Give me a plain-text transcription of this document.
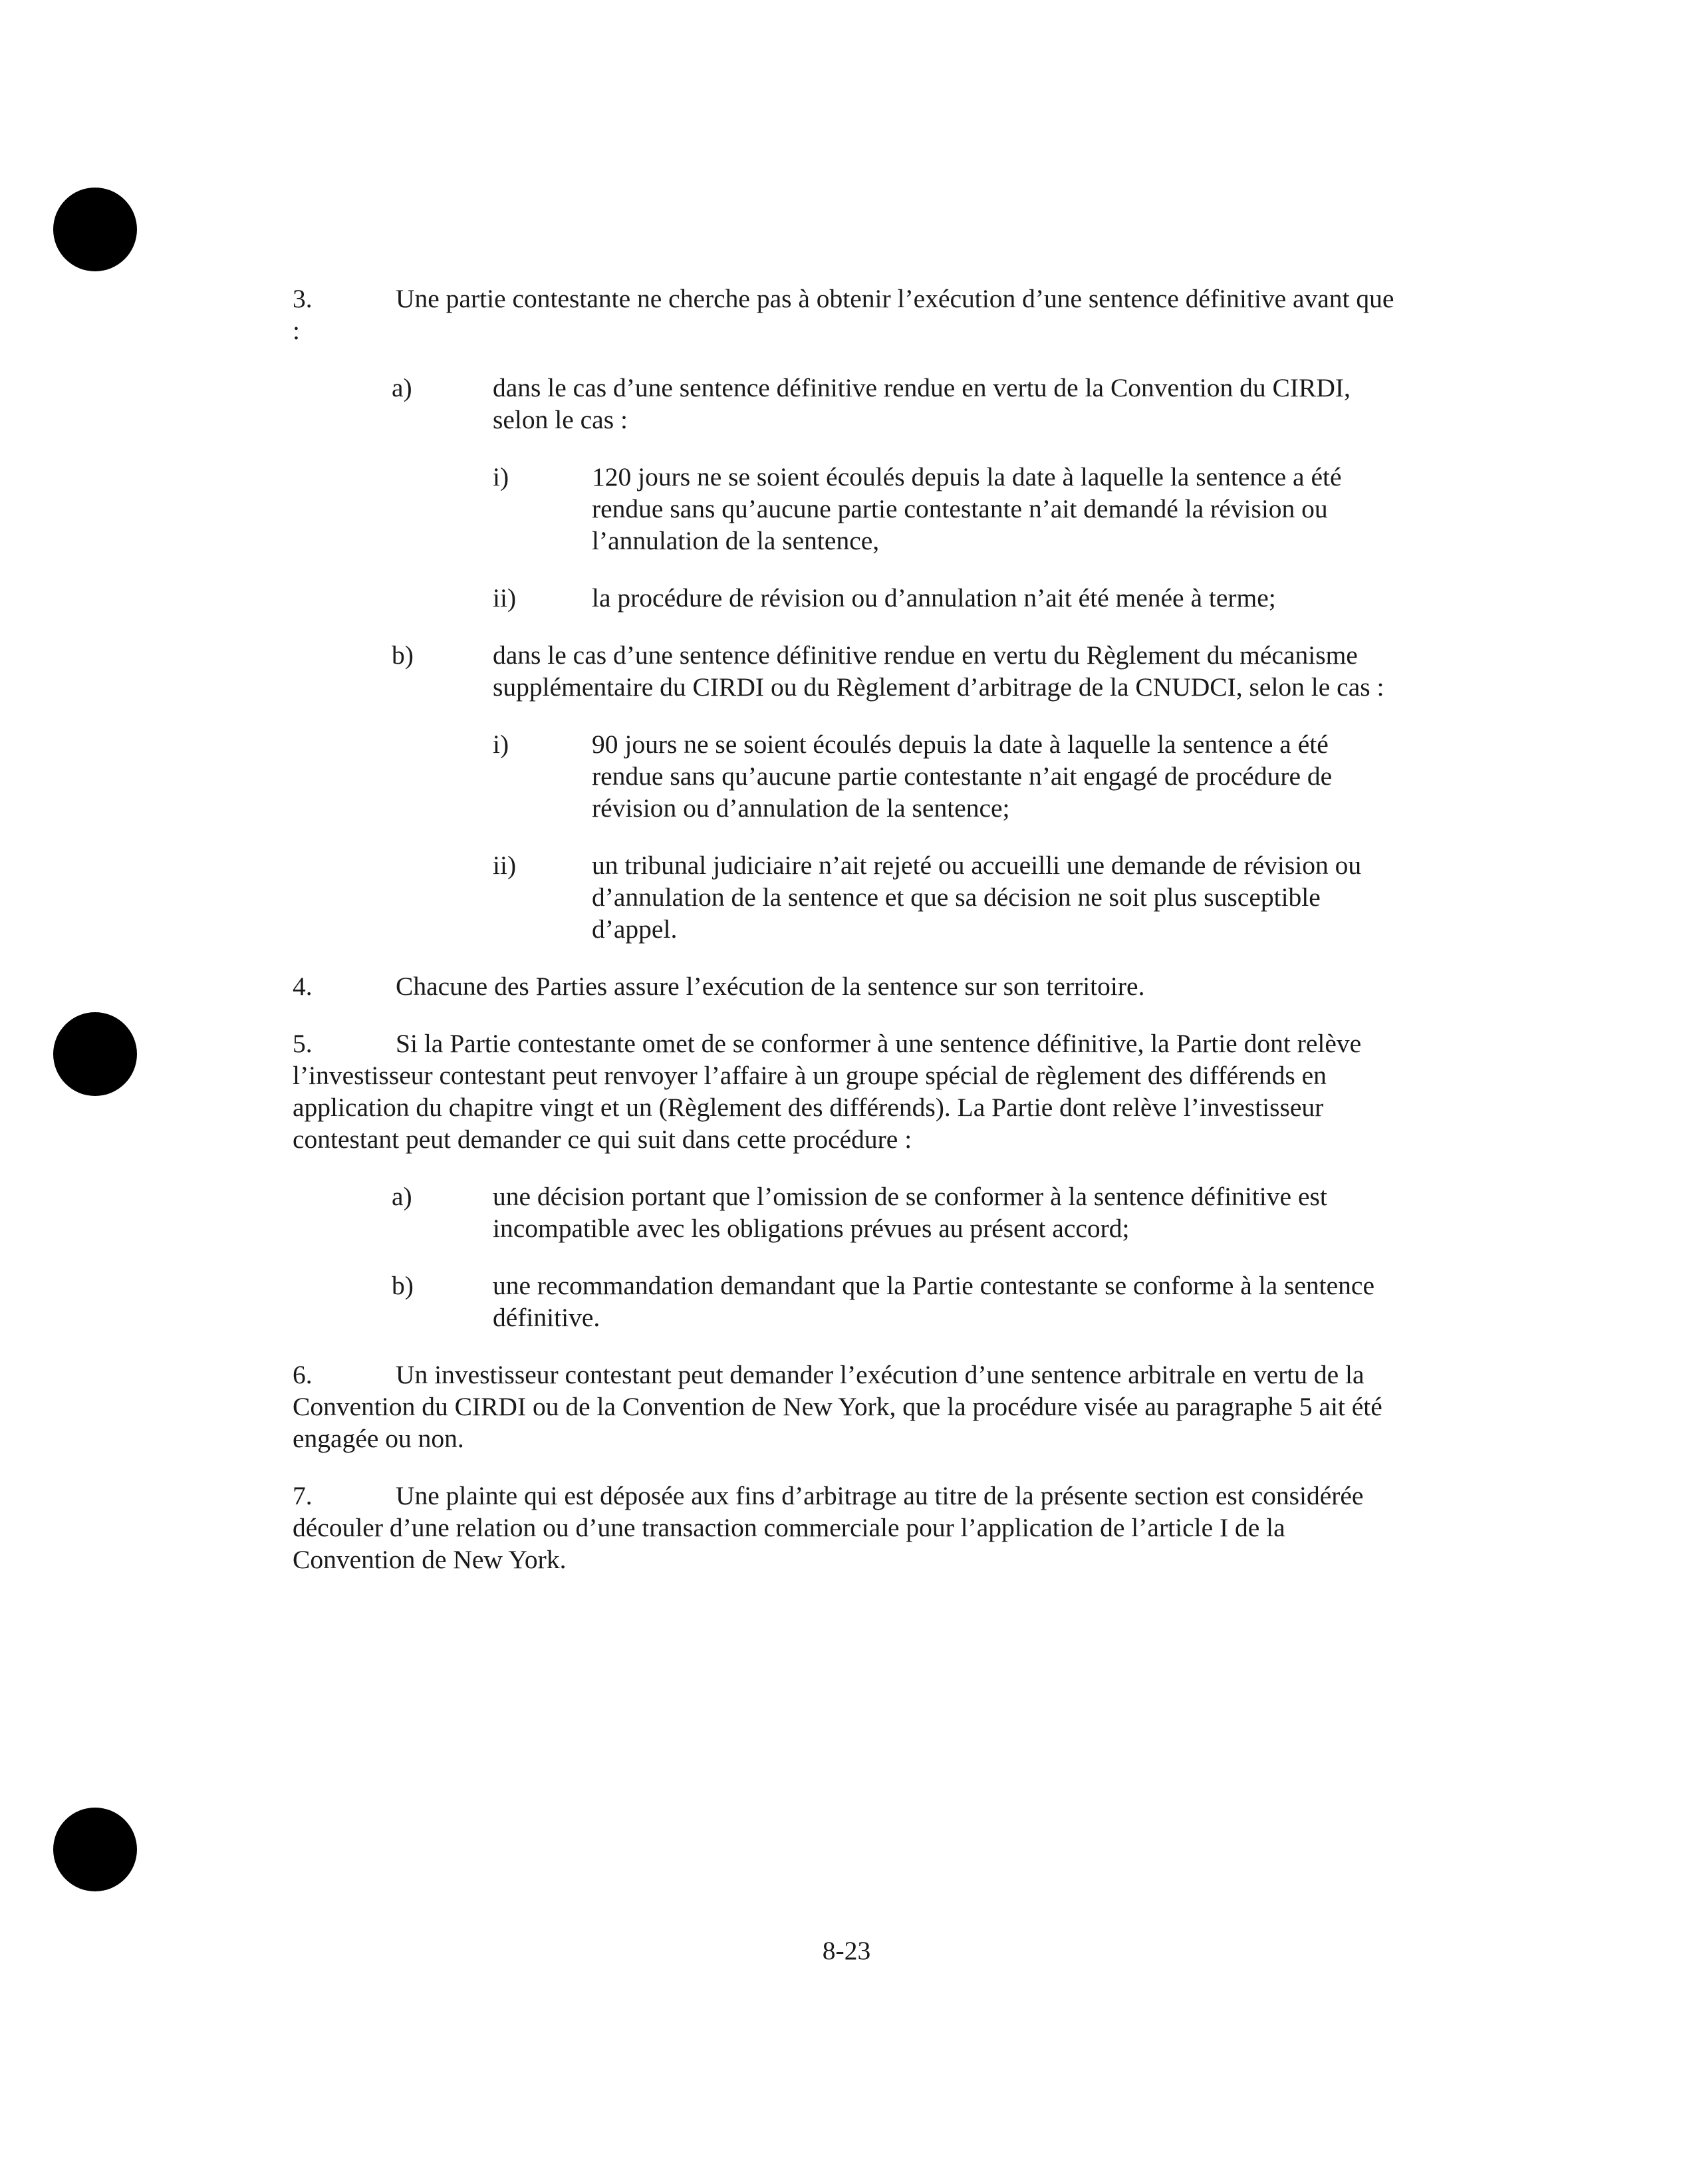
3.	Une partie contestante ne cherche pas à obtenir l’exécution d’une sentence définitive avant que :

a)	dans le cas d’une sentence définitive rendue en vertu de la Convention du CIRDI, selon le cas :
i)	120 jours ne se soient écoulés depuis la date à laquelle la sentence a été rendue sans qu’aucune partie contestante n’ait demandé la révision ou l’annulation de la sentence,
ii)	la procédure de révision ou d’annulation n’ait été menée à terme;
b)	dans le cas d’une sentence définitive rendue en vertu du Règlement du mécanisme supplémentaire du CIRDI ou du Règlement d’arbitrage de la CNUDCI, selon le cas :
i)	90 jours ne se soient écoulés depuis la date à laquelle la sentence a été rendue sans qu’aucune partie contestante n’ait engagé de procédure de révision ou d’annulation de la sentence;
ii)	un tribunal judiciaire n’ait rejeté ou accueilli une demande de révision ou d’annulation de la sentence et que sa décision ne soit plus susceptible d’appel.

4.	Chacune des Parties assure l’exécution de la sentence sur son territoire.

5.	Si la Partie contestante omet de se conformer à une sentence définitive, la Partie dont relève l’investisseur contestant peut renvoyer l’affaire à un groupe spécial de règlement des différends en application du chapitre vingt et un (Règlement des différends). La Partie dont relève l’investisseur contestant peut demander ce qui suit dans cette procédure :

a)	une décision portant que l’omission de se conformer à la sentence définitive est incompatible avec les obligations prévues au présent accord;
b)	une recommandation demandant que la Partie contestante se conforme à la sentence définitive.

6.	Un investisseur contestant peut demander l’exécution d’une sentence arbitrale en vertu de la Convention du CIRDI ou de la Convention de New York, que la procédure visée au paragraphe 5 ait été engagée ou non.

7.	Une plainte qui est déposée aux fins d’arbitrage au titre de la présente section est considérée découler d’une relation ou d’une transaction commerciale pour l’application de l’article I de la Convention de New York.

8-23
